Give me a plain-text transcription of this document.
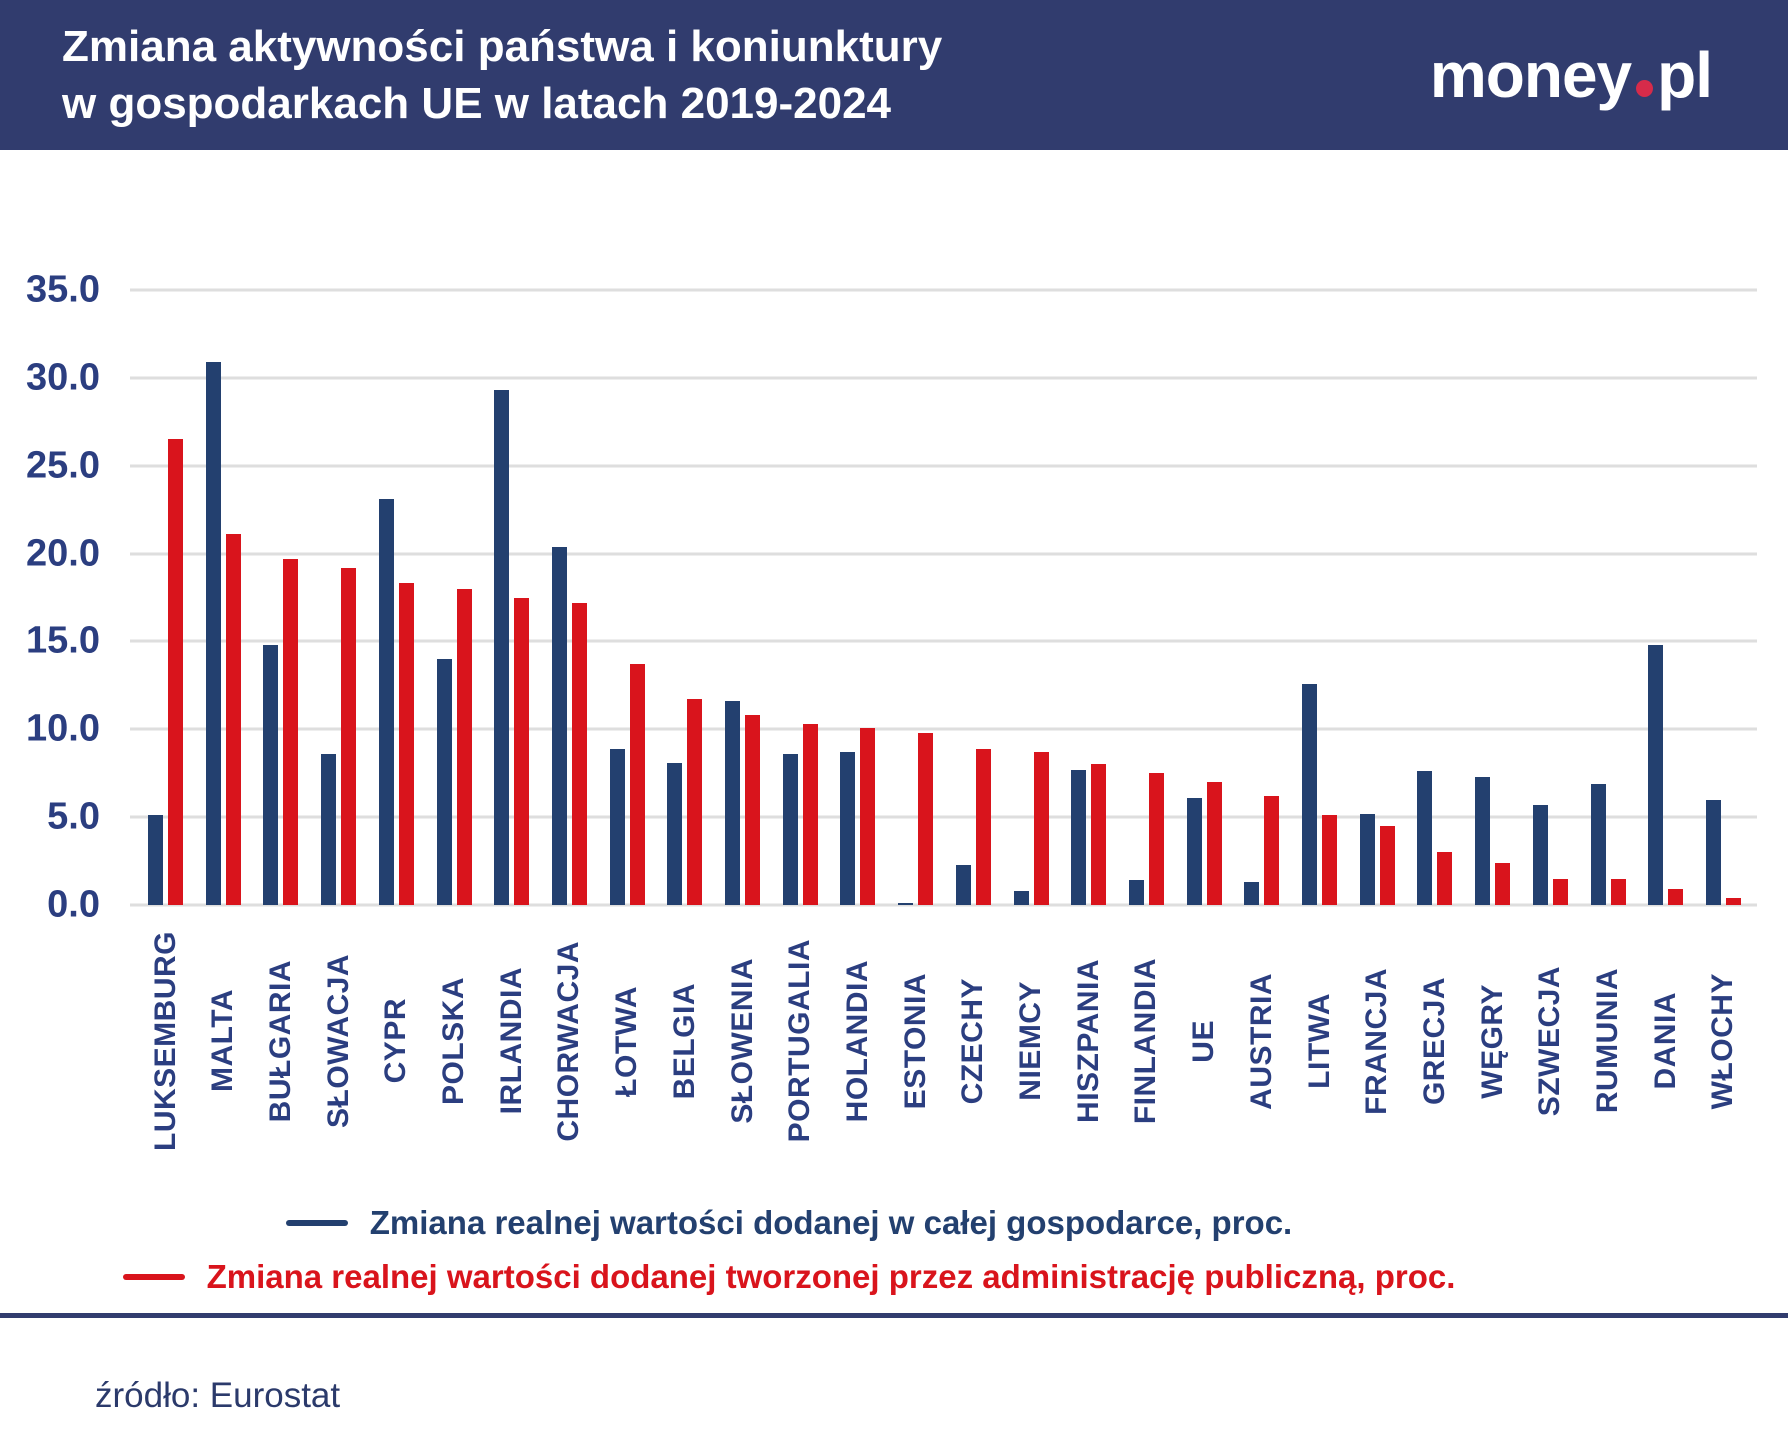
Zmiana aktywności państwa i koniunktury
w gospodarkach UE w latach 2019-2024	money pl
35.0
30.0
25.0
20.0
15.0
10.0
5.0
0.0
LUKSEMBURG MALTA BUŁGARIA SŁOWACJA CYPR POLSKA IRLANDIA CHORWACJA ŁOTWA BELGIA SŁOWENIA PORTUGALIA HOLANDIA ESTONIA CZECHY NIEMCY HISZPANIA FINLANDIA UE AUSTRIA LITWA FRANCJA GRECJA WĘGRY SZWECJA RUMUNIA DANIA WŁOCHY
Zmiana realnej wartości dodanej w całej gospodarce, proc.
Zmiana realnej wartości dodanej tworzonej przez administrację publiczną, proc.
źródło: Eurostat
